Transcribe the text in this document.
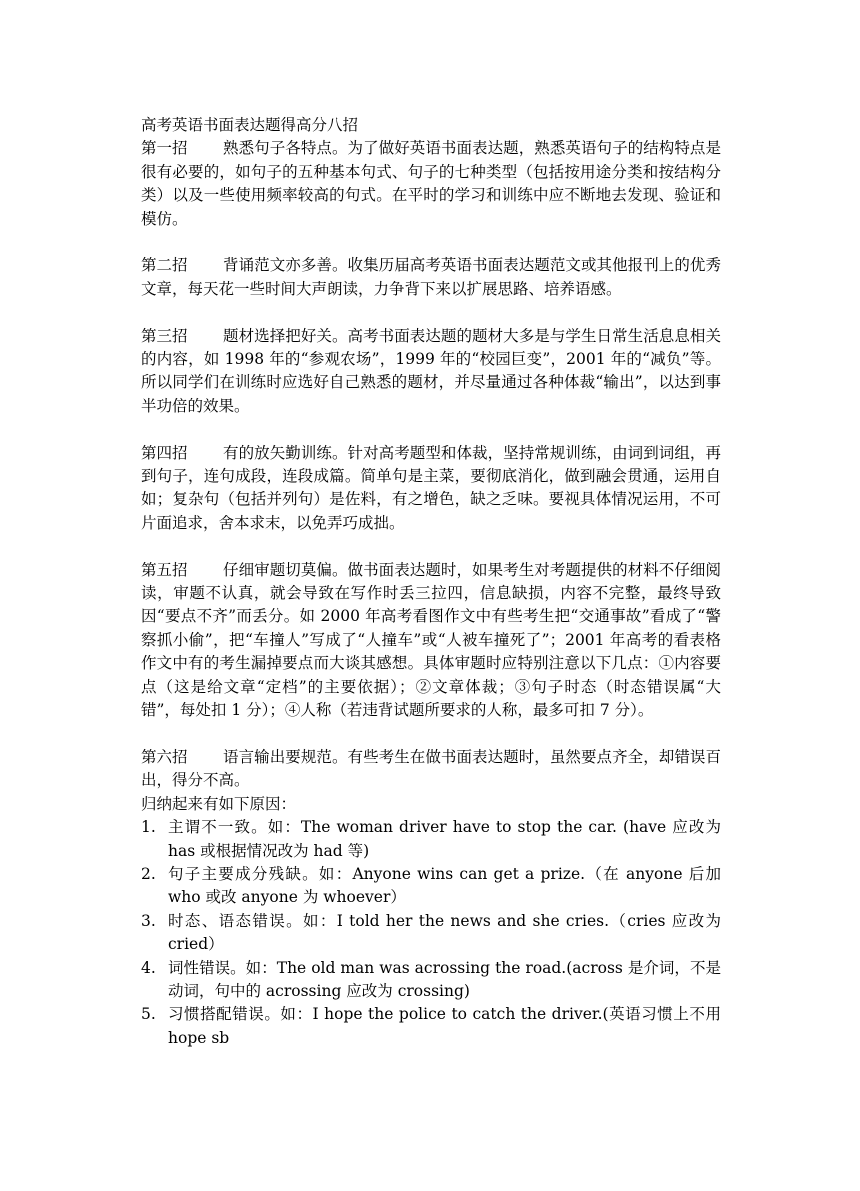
高考英语书面表达题得高分八招

第一招 熟悉句子各特点。为了做好英语书面表达题，熟悉英语句子的结构特点是很有必要的，如句子的五种基本句式、句子的七种类型（包括按用途分类和按结构分类）以及一些使用频率较高的句式。在平时的学习和训练中应不断地去发现、验证和模仿。

第二招 背诵范文亦多善。收集历届高考英语书面表达题范文或其他报刊上的优秀文章，每天花一些时间大声朗读，力争背下来以扩展思路、培养语感。

第三招 题材选择把好关。高考书面表达题的题材大多是与学生日常生活息息相关的内容，如 1998 年的“参观农场”，1999 年的“校园巨变”，2001 年的“减负”等。所以同学们在训练时应选好自己熟悉的题材，并尽量通过各种体裁“输出”，以达到事半功倍的效果。

第四招 有的放矢勤训练。针对高考题型和体裁，坚持常规训练，由词到词组，再到句子，连句成段，连段成篇。简单句是主菜，要彻底消化，做到融会贯通，运用自如；复杂句（包括并列句）是佐料，有之增色，缺之乏味。要视具体情况运用，不可片面追求，舍本求末，以免弄巧成拙。

第五招 仔细审题切莫偏。做书面表达题时，如果考生对考题提供的材料不仔细阅读，审题不认真，就会导致在写作时丢三拉四，信息缺损，内容不完整，最终导致因“要点不齐”而丢分。如 2000 年高考看图作文中有些考生把“交通事故”看成了“警察抓小偷”，把“车撞人”写成了“人撞车”或“人被车撞死了”；2001 年高考的看表格作文中有的考生漏掉要点而大谈其感想。具体审题时应特别注意以下几点：①内容要点（这是给文章“定档”的主要依据）；②文章体裁；③句子时态（时态错误属“大错”，每处扣 1 分）；④人称（若违背试题所要求的人称，最多可扣 7 分）。

第六招 语言输出要规范。有些考生在做书面表达题时，虽然要点齐全，却错误百出，得分不高。

归纳起来有如下原因：

1. 主谓不一致。如：The woman driver have to stop the car. (have 应改为 has 或根据情况改为 had 等)
2. 句子主要成分残缺。如：Anyone wins can get a prize.（在 anyone 后加 who 或改 anyone 为 whoever）
3. 时态、语态错误。如：I told her the news and she cries.（cries 应改为 cried）
4. 词性错误。如：The old man was acrossing the road.(across 是介词，不是动词，句中的 acrossing 应改为 crossing)
5. 习惯搭配错误。如：I hope the police to catch the driver.(英语习惯上不用 hope sb
